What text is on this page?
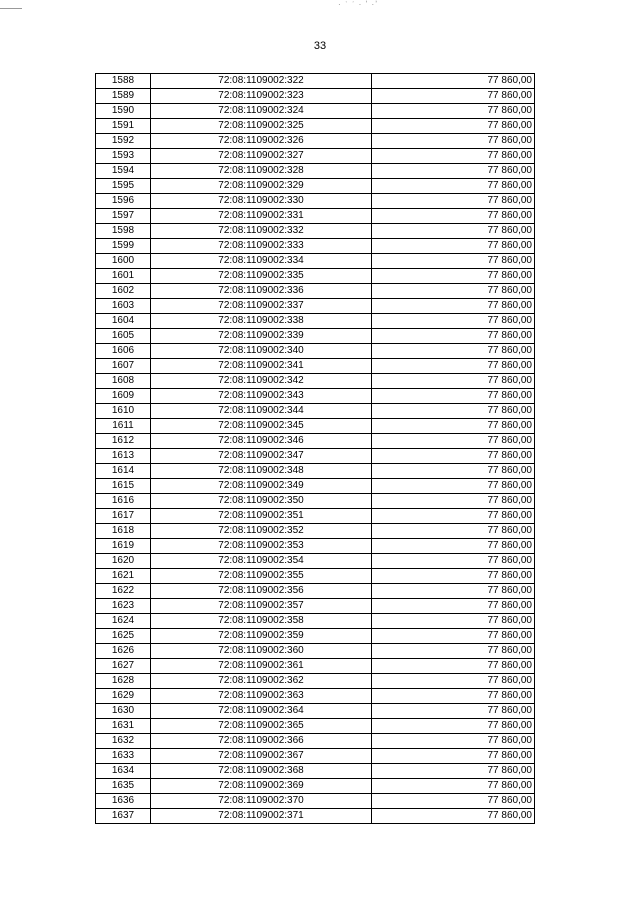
· ʿ ʾ · ʼ ·ʼ
33
1588	72:08:1109002:322	77 860,00
1589	72:08:1109002:323	77 860,00
1590	72:08:1109002:324	77 860,00
1591	72:08:1109002:325	77 860,00
1592	72:08:1109002:326	77 860,00
1593	72:08:1109002:327	77 860,00
1594	72:08:1109002:328	77 860,00
1595	72:08:1109002:329	77 860,00
1596	72:08:1109002:330	77 860,00
1597	72:08:1109002:331	77 860,00
1598	72:08:1109002:332	77 860,00
1599	72:08:1109002:333	77 860,00
1600	72:08:1109002:334	77 860,00
1601	72:08:1109002:335	77 860,00
1602	72:08:1109002:336	77 860,00
1603	72:08:1109002:337	77 860,00
1604	72:08:1109002:338	77 860,00
1605	72:08:1109002:339	77 860,00
1606	72:08:1109002:340	77 860,00
1607	72:08:1109002:341	77 860,00
1608	72:08:1109002:342	77 860,00
1609	72:08:1109002:343	77 860,00
1610	72:08:1109002:344	77 860,00
1611	72:08:1109002:345	77 860,00
1612	72:08:1109002:346	77 860,00
1613	72:08:1109002:347	77 860,00
1614	72:08:1109002:348	77 860,00
1615	72:08:1109002:349	77 860,00
1616	72:08:1109002:350	77 860,00
1617	72:08:1109002:351	77 860,00
1618	72:08:1109002:352	77 860,00
1619	72:08:1109002:353	77 860,00
1620	72:08:1109002:354	77 860,00
1621	72:08:1109002:355	77 860,00
1622	72:08:1109002:356	77 860,00
1623	72:08:1109002:357	77 860,00
1624	72:08:1109002:358	77 860,00
1625	72:08:1109002:359	77 860,00
1626	72:08:1109002:360	77 860,00
1627	72:08:1109002:361	77 860,00
1628	72:08:1109002:362	77 860,00
1629	72:08:1109002:363	77 860,00
1630	72:08:1109002:364	77 860,00
1631	72:08:1109002:365	77 860,00
1632	72:08:1109002:366	77 860,00
1633	72:08:1109002:367	77 860,00
1634	72:08:1109002:368	77 860,00
1635	72:08:1109002:369	77 860,00
1636	72:08:1109002:370	77 860,00
1637	72:08:1109002:371	77 860,00
